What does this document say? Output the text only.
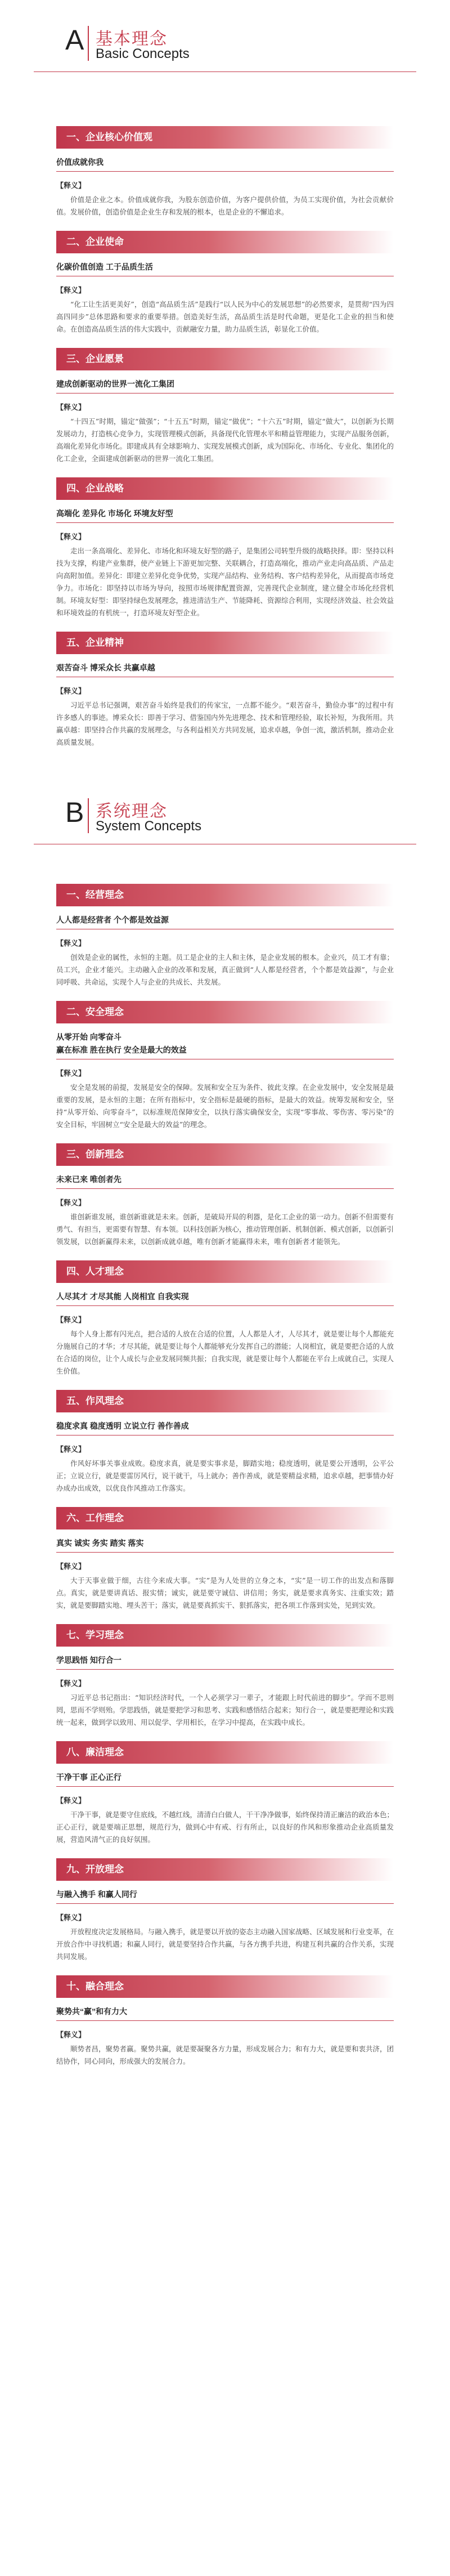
A 基本理念
Basic Concepts
一、企业核心价值观
价值成就你我
【释义】
价值是企业之本。价值成就你我，为股东创造价值，为客户提供价值，为员工实现价值，为社会贡献价值。发展价值，创造价值是企业生存和发展的根本，也是企业的不懈追求。
二、企业使命
化碳价值创造 工于品质生活
【释义】
“化工让生活更美好”，创造“高品质生活”是践行“以人民为中心的发展思想”的必然要求，是贯彻“四为四高四同步”总体思路和要求的重要举措。创造美好生活，高品质生活是时代命题，更是化工企业的担当和使命。在创造高品质生活的伟大实践中，贡献融安力量，助力品质生活，彰显化工价值。
三、企业愿景
建成创新驱动的世界一流化工集团
【释义】
“十四五”时期，锚定“做强”；“十五五”时期，锚定“做优”；“十六五”时期，锚定“做大”，以创新为长期发展动力，打造核心竞争力，实现管理模式创新，具备现代化管理水平和精益管理能力，实现产品服务创新，高端化差异化市场化。即建成具有全球影响力、实现发展模式创新，成为国际化、市场化、专业化、集团化的化工企业，全面建成创新驱动的世界一流化工集团。
四、企业战略
高端化 差异化 市场化 环境友好型
【释义】
走出一条高端化、差异化、市场化和环境友好型的路子，是集团公司转型升级的战略抉择。即：坚持以科技为支撑，构建产业集群，使产业链上下游更加完整、关联耦合，打造高端化，推动产业走向高品质、产品走向高附加值。差异化：即建立差异化竞争优势，实现产品结构、业务结构、客户结构差异化，从而提高市场竞争力。市场化：即坚持以市场为导向，按照市场规律配置资源，完善现代企业制度，建立健全市场化经营机制。环境友好型：即坚持绿色发展理念，推进清洁生产、节能降耗、资源综合利用，实现经济效益、社会效益和环境效益的有机统一，打造环境友好型企业。
五、企业精神
艰苦奋斗 博采众长 共赢卓越
【释义】
习近平总书记强调，艰苦奋斗始终是我们的传家宝，一点都不能少。“艰苦奋斗，勤俭办事”的过程中有许多感人的事迹。博采众长：即善于学习、借鉴国内外先进理念、技术和管理经验，取长补短，为我所用。共赢卓越：即坚持合作共赢的发展理念，与各利益相关方共同发展，追求卓越，争创一流，激活机制，推动企业高质量发展。
B 系统理念
System Concepts
一、经营理念
人人都是经营者 个个都是效益源
【释义】
创效是企业的属性，永恒的主题。员工是企业的主人和主体，是企业发展的根本。企业兴，员工才有靠；员工兴，企业才能兴。主动融入企业的改革和发展，真正做到“人人都是经营者，个个都是效益源”，与企业同呼吸、共命运，实现个人与企业的共成长、共发展。
二、安全理念
从零开始 向零奋斗
赢在标准 胜在执行 安全是最大的效益
【释义】
安全是发展的前提，发展是安全的保障。发展和安全互为条件、彼此支撑。在企业发展中，安全发展是最重要的发展，是永恒的主题；在所有指标中，安全指标是最硬的指标，是最大的效益。统筹发展和安全，坚持“从零开始、向零奋斗”，以标准规范保障安全，以执行落实确保安全，实现“零事故、零伤害、零污染”的安全目标，牢固树立“安全是最大的效益”的理念。
三、创新理念
未来已来 唯创者先
【释义】
谁创新谁发展，谁创新谁就是未来。创新，是破局开局的利器，是化工企业的第一动力。创新不但需要有勇气、有担当，更需要有智慧、有本领。以科技创新为核心，推动管理创新、机制创新、模式创新，以创新引领发展，以创新赢得未来，以创新成就卓越，唯有创新才能赢得未来，唯有创新者才能领先。
四、人才理念
人尽其才 才尽其能 人岗相宜 自我实现
【释义】
每个人身上都有闪光点，把合适的人放在合适的位置，人人都是人才，人尽其才，就是要让每个人都能充分施展自己的才华；才尽其能，就是要让每个人都能够充分发挥自己的潜能；人岗相宜，就是要把合适的人放在合适的岗位，让个人成长与企业发展同频共振；自我实现，就是要让每个人都能在平台上成就自己，实现人生价值。
五、作风理念
稳度求真 稳度透明 立说立行 善作善成
【释义】
作风好坏事关事业成败。稳度求真，就是要实事求是，脚踏实地；稳度透明，就是要公开透明，公平公正；立说立行，就是要雷厉风行，说干就干，马上就办；善作善成，就是要精益求精，追求卓越，把事情办好办成办出成效，以优良作风推动工作落实。
六、工作理念
真实 诚实 务实 踏实 落实
【释义】
大于天事业做于细，古往今来成大事。“实”是为人处世的立身之本，“实”是一切工作的出发点和落脚点。真实，就是要讲真话、报实情；诚实，就是要守诚信、讲信用；务实，就是要求真务实、注重实效；踏实，就是要脚踏实地、埋头苦干；落实，就是要真抓实干、狠抓落实，把各项工作落到实处，见到实效。
七、学习理念
学思践悟 知行合一
【释义】
习近平总书记指出：“知识经济时代，一个人必须学习一辈子，才能跟上时代前进的脚步”。学而不思则罔，思而不学则殆。学思践悟，就是要把学习和思考、实践和感悟结合起来；知行合一，就是要把理论和实践统一起来，做到学以致用、用以促学、学用相长，在学习中提高，在实践中成长。
八、廉洁理念
干净干事 正心正行
【释义】
干净干事，就是要守住底线，不越红线，清清白白做人，干干净净做事，始终保持清正廉洁的政治本色；正心正行，就是要端正思想，规范行为，做到心中有戒、行有所止，以良好的作风和形象推动企业高质量发展，营造风清气正的良好氛围。
九、开放理念
与融入携手 和赢人同行
【释义】
开放程度决定发展格局。与融入携手，就是要以开放的姿态主动融入国家战略、区域发展和行业变革，在开放合作中寻找机遇；和赢人同行，就是要坚持合作共赢，与各方携手共进，构建互利共赢的合作关系，实现共同发展。
十、融合理念
聚势共“赢”和有力大
【释义】
顺势者昌，聚势者赢。聚势共赢，就是要凝聚各方力量，形成发展合力；和有力大，就是要和衷共济，团结协作，同心同向，形成强大的发展合力。
